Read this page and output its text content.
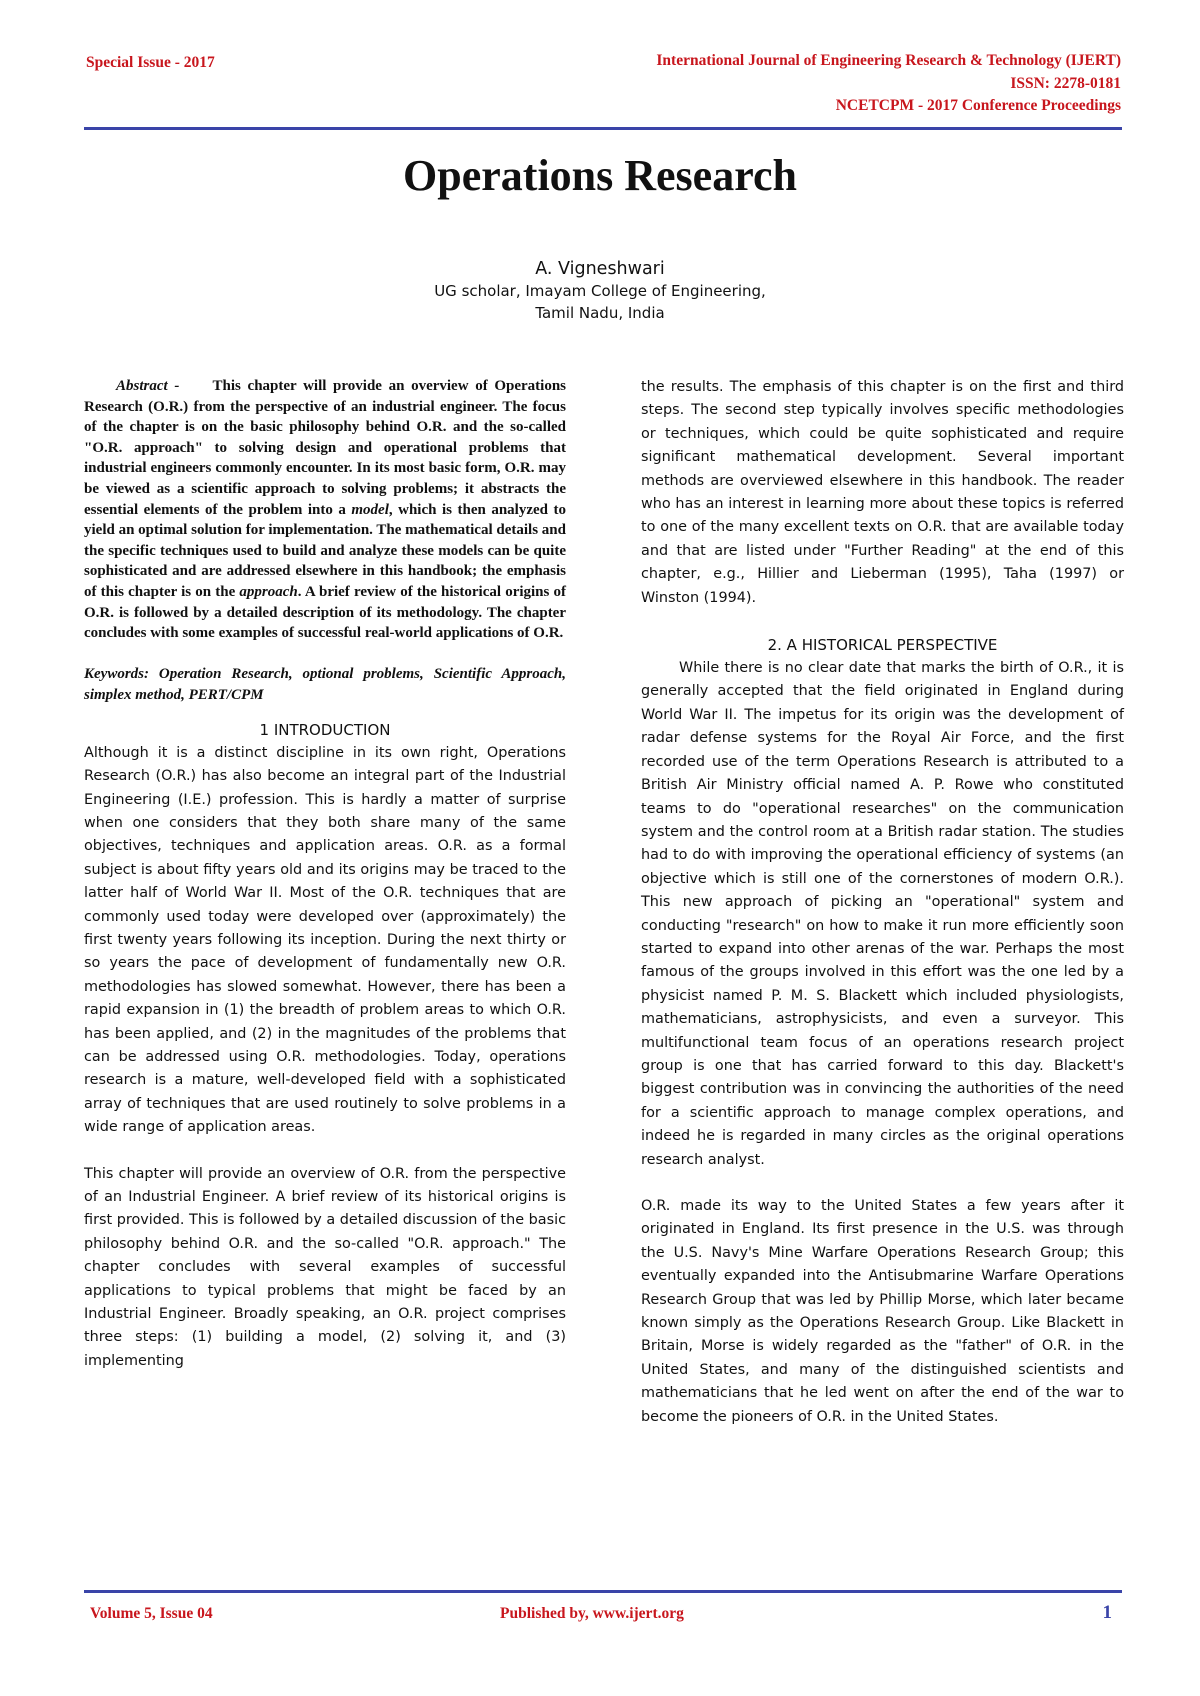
Special Issue - 2017	International Journal of Engineering Research & Technology (IJERT)
ISSN: 2278-0181
NCETCPM - 2017 Conference Proceedings
Operations Research
A. Vigneshwari
UG scholar, Imayam College of Engineering,
Tamil Nadu, India

Abstract - This chapter will provide an overview of Operations Research (O.R.) from the perspective of an industrial engineer. The focus of the chapter is on the basic philosophy behind O.R. and the so-called "O.R. approach" to solving design and operational problems that industrial engineers commonly encounter. In its most basic form, O.R. may be viewed as a scientific approach to solving problems; it abstracts the essential elements of the problem into a model, which is then analyzed to yield an optimal solution for implementation. The mathematical details and the specific techniques used to build and analyze these models can be quite sophisticated and are addressed elsewhere in this handbook; the emphasis of this chapter is on the approach. A brief review of the historical origins of O.R. is followed by a detailed description of its methodology. The chapter concludes with some examples of successful real-world applications of O.R.

Keywords: Operation Research, optional problems, Scientific Approach, simplex method, PERT/CPM

1 INTRODUCTION

Although it is a distinct discipline in its own right, Operations Research (O.R.) has also become an integral part of the Industrial Engineering (I.E.) profession. This is hardly a matter of surprise when one considers that they both share many of the same objectives, techniques and application areas. O.R. as a formal subject is about fifty years old and its origins may be traced to the latter half of World War II. Most of the O.R. techniques that are commonly used today were developed over (approximately) the first twenty years following its inception. During the next thirty or so years the pace of development of fundamentally new O.R. methodologies has slowed somewhat. However, there has been a rapid expansion in (1) the breadth of problem areas to which O.R. has been applied, and (2) in the magnitudes of the problems that can be addressed using O.R. methodologies. Today, operations research is a mature, well-developed field with a sophisticated array of techniques that are used routinely to solve problems in a wide range of application areas.

This chapter will provide an overview of O.R. from the perspective of an Industrial Engineer. A brief review of its historical origins is first provided. This is followed by a detailed discussion of the basic philosophy behind O.R. and the so-called "O.R. approach." The chapter concludes with several examples of successful applications to typical problems that might be faced by an Industrial Engineer. Broadly speaking, an O.R. project comprises three steps: (1) building a model, (2) solving it, and (3) implementing

the results. The emphasis of this chapter is on the first and third steps. The second step typically involves specific methodologies or techniques, which could be quite sophisticated and require significant mathematical development. Several important methods are overviewed elsewhere in this handbook. The reader who has an interest in learning more about these topics is referred to one of the many excellent texts on O.R. that are available today and that are listed under "Further Reading" at the end of this chapter, e.g., Hillier and Lieberman (1995), Taha (1997) or Winston (1994).

2. A HISTORICAL PERSPECTIVE

While there is no clear date that marks the birth of O.R., it is generally accepted that the field originated in England during World War II. The impetus for its origin was the development of radar defense systems for the Royal Air Force, and the first recorded use of the term Operations Research is attributed to a British Air Ministry official named A. P. Rowe who constituted teams to do "operational researches" on the communication system and the control room at a British radar station. The studies had to do with improving the operational efficiency of systems (an objective which is still one of the cornerstones of modern O.R.). This new approach of picking an "operational" system and conducting "research" on how to make it run more efficiently soon started to expand into other arenas of the war. Perhaps the most famous of the groups involved in this effort was the one led by a physicist named P. M. S. Blackett which included physiologists, mathematicians, astrophysicists, and even a surveyor. This multifunctional team focus of an operations research project group is one that has carried forward to this day. Blackett's biggest contribution was in convincing the authorities of the need for a scientific approach to manage complex operations, and indeed he is regarded in many circles as the original operations research analyst.

O.R. made its way to the United States a few years after it originated in England. Its first presence in the U.S. was through the U.S. Navy's Mine Warfare Operations Research Group; this eventually expanded into the Antisubmarine Warfare Operations Research Group that was led by Phillip Morse, which later became known simply as the Operations Research Group. Like Blackett in Britain, Morse is widely regarded as the "father" of O.R. in the United States, and many of the distinguished scientists and mathematicians that he led went on after the end of the war to become the pioneers of O.R. in the United States.

Volume 5, Issue 04	Published by, www.ijert.org	1
